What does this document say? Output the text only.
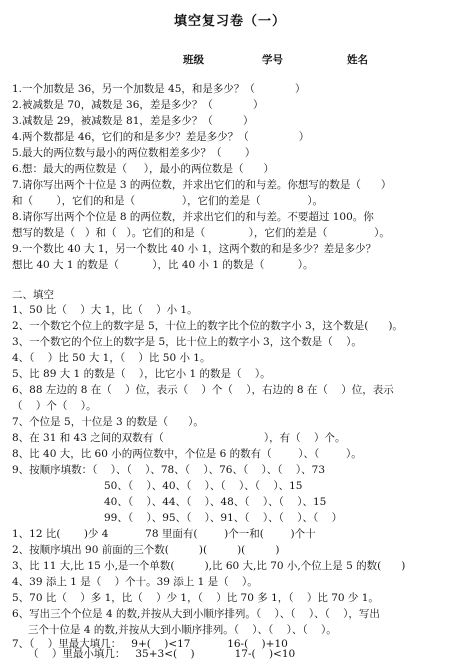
填空复习卷（一）
班级	学号	姓名
1.一个加数是 36，另一个加数是 45，和是多少？（            ）
2.被减数是 70，减数是 36，差是多少？（            ）
3.减数是 29，被减数是 81，差是多少？（         ）
4.两个数都是 46，它们的和是多少？差是多少？（               ）
5.最大的两位数与最小的两位数相差多少？（       ）
6.想：最大的两位数是（     ），最小的两位数是（      ）
7.请你写出两个十位是 3 的两位数，并求出它们的和与差。你想写的数是（      ）
和（       ），它们的和是（              ），它们的差是（              ）。
8.请你写出两个个位是 8 的两位数，并求出它们的和与差。不要超过 100。你
想写的数是（   ）和（   ）。它们的和是（             ），它们的差是（              ）。
9.一个数比 40 大 1，另一个数比 40 小 1，这两个数的和是多少？差是多少？
想比 40 大 1 的数是（          ），比 40 小 1 的数是（          ）。
二、填空
1、50 比（    ）大 1，比（    ）小 1。
2、一个数它个位上的数字是 5，十位上的数字比个位的数字小 3，这个数是(      )。
3、一个数它的个位上的数字是 5，比十位上的数字小 3，这个数是（    ）。
4、（    ）比 50 大 1，（    ）比 50 小 1。
5、比 89 大 1 的数是（    ），比它小 1 的数是（    ）。
6、88 左边的 8 在（    ）位，表示（    ）个（    ），右边的 8 在（    ）位，表示
（    ）个（    ）。
7、个位是 5，十位是 3 的数是（      ）。
8、在 31 和 43 之间的双数有（                              ），有（    ）个。
8、比 40 大，比 60 小的两位数中，个位是 6 的数有（        ）、（        ）。
9、按顺序填数：（    ）、（    ）、78、（    ）、76、（    ）、（    ）、73
50、（    ）、40、（    ）、（    ）、（    ）、15
40、（    ）、44、（    ）、48、（    ）、（    ）、15
99、（    ）、95、（    ）、91、（    ）、（    ）、（    ）
1、12 比(       )少 4           78 里面有(        )个一和(        )个十
2、按顺序填出 90 前面的三个数(         )(         )(         )
3、比 11 大,比 15 小,是一个单数(         ),比 60 大,比 70 小,个位上是 5 的数(      )
4、39 添上 1 是（    ）个十。39 添上 1 是（    ）。
5、70 比（    ）多 1，比（    ）少 1，（    ）比 70 多 1，（    ）比 70 少 1。
6、写出三个个位是 4 的数,并按从大到小顺序排列。（    ）、（    ）、（    ），写出
三个十位是 4 的数,并按从大到小顺序排列。（    ）、（    ）、（    ）。
7、（    ）里最大填几：   9+(    )<17           16-(    )+10
（    ）里最小填几：   35+3<(    )            17-(    )<10
